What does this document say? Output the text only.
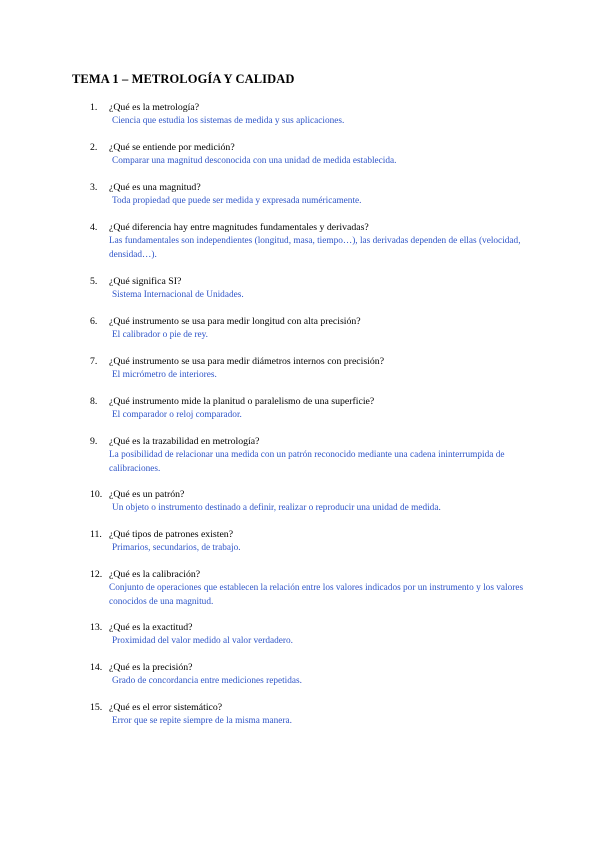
TEMA 1 – METROLOGÍA Y CALIDAD
1. ¿Qué es la metrología?
Ciencia que estudia los sistemas de medida y sus aplicaciones.
2. ¿Qué se entiende por medición?
Comparar una magnitud desconocida con una unidad de medida establecida.
3. ¿Qué es una magnitud?
Toda propiedad que puede ser medida y expresada numéricamente.
4. ¿Qué diferencia hay entre magnitudes fundamentales y derivadas?
Las fundamentales son independientes (longitud, masa, tiempo…), las derivadas dependen de ellas (velocidad, densidad…).
5. ¿Qué significa SI?
Sistema Internacional de Unidades.
6. ¿Qué instrumento se usa para medir longitud con alta precisión?
El calibrador o pie de rey.
7. ¿Qué instrumento se usa para medir diámetros internos con precisión?
El micrómetro de interiores.
8. ¿Qué instrumento mide la planitud o paralelismo de una superficie?
El comparador o reloj comparador.
9. ¿Qué es la trazabilidad en metrología?
La posibilidad de relacionar una medida con un patrón reconocido mediante una cadena ininterrumpida de calibraciones.
10. ¿Qué es un patrón?
Un objeto o instrumento destinado a definir, realizar o reproducir una unidad de medida.
11. ¿Qué tipos de patrones existen?
Primarios, secundarios, de trabajo.
12. ¿Qué es la calibración?
Conjunto de operaciones que establecen la relación entre los valores indicados por un instrumento y los valores conocidos de una magnitud.
13. ¿Qué es la exactitud?
Proximidad del valor medido al valor verdadero.
14. ¿Qué es la precisión?
Grado de concordancia entre mediciones repetidas.
15. ¿Qué es el error sistemático?
Error que se repite siempre de la misma manera.
